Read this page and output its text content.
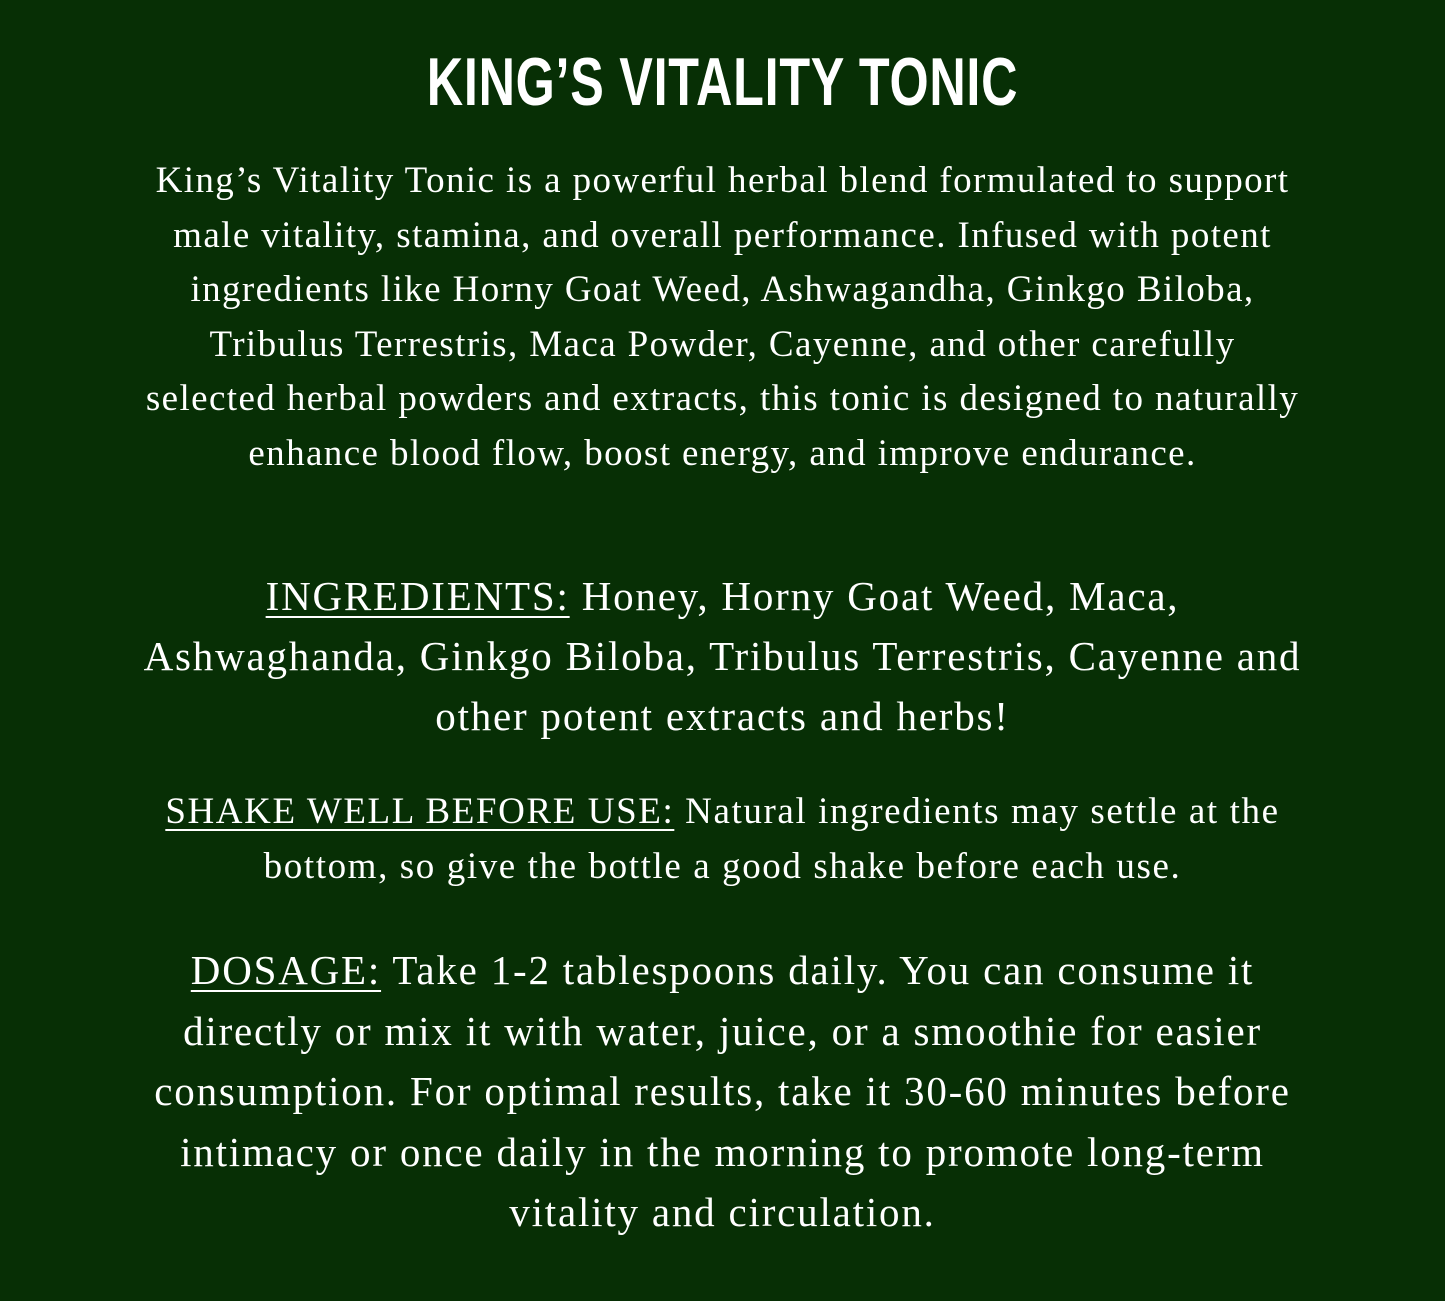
KING’S VITALITY TONIC

King’s Vitality Tonic is a powerful herbal blend formulated to support male vitality, stamina, and overall performance. Infused with potent ingredients like Horny Goat Weed, Ashwagandha, Ginkgo Biloba, Tribulus Terrestris, Maca Powder, Cayenne, and other carefully selected herbal powders and extracts, this tonic is designed to naturally enhance blood flow, boost energy, and improve endurance.

INGREDIENTS: Honey, Horny Goat Weed, Maca, Ashwaghanda, Ginkgo Biloba, Tribulus Terrestris, Cayenne and other potent extracts and herbs!

SHAKE WELL BEFORE USE: Natural ingredients may settle at the bottom, so give the bottle a good shake before each use.

DOSAGE: Take 1-2 tablespoons daily. You can consume it directly or mix it with water, juice, or a smoothie for easier consumption. For optimal results, take it 30-60 minutes before intimacy or once daily in the morning to promote long-term vitality and circulation.
